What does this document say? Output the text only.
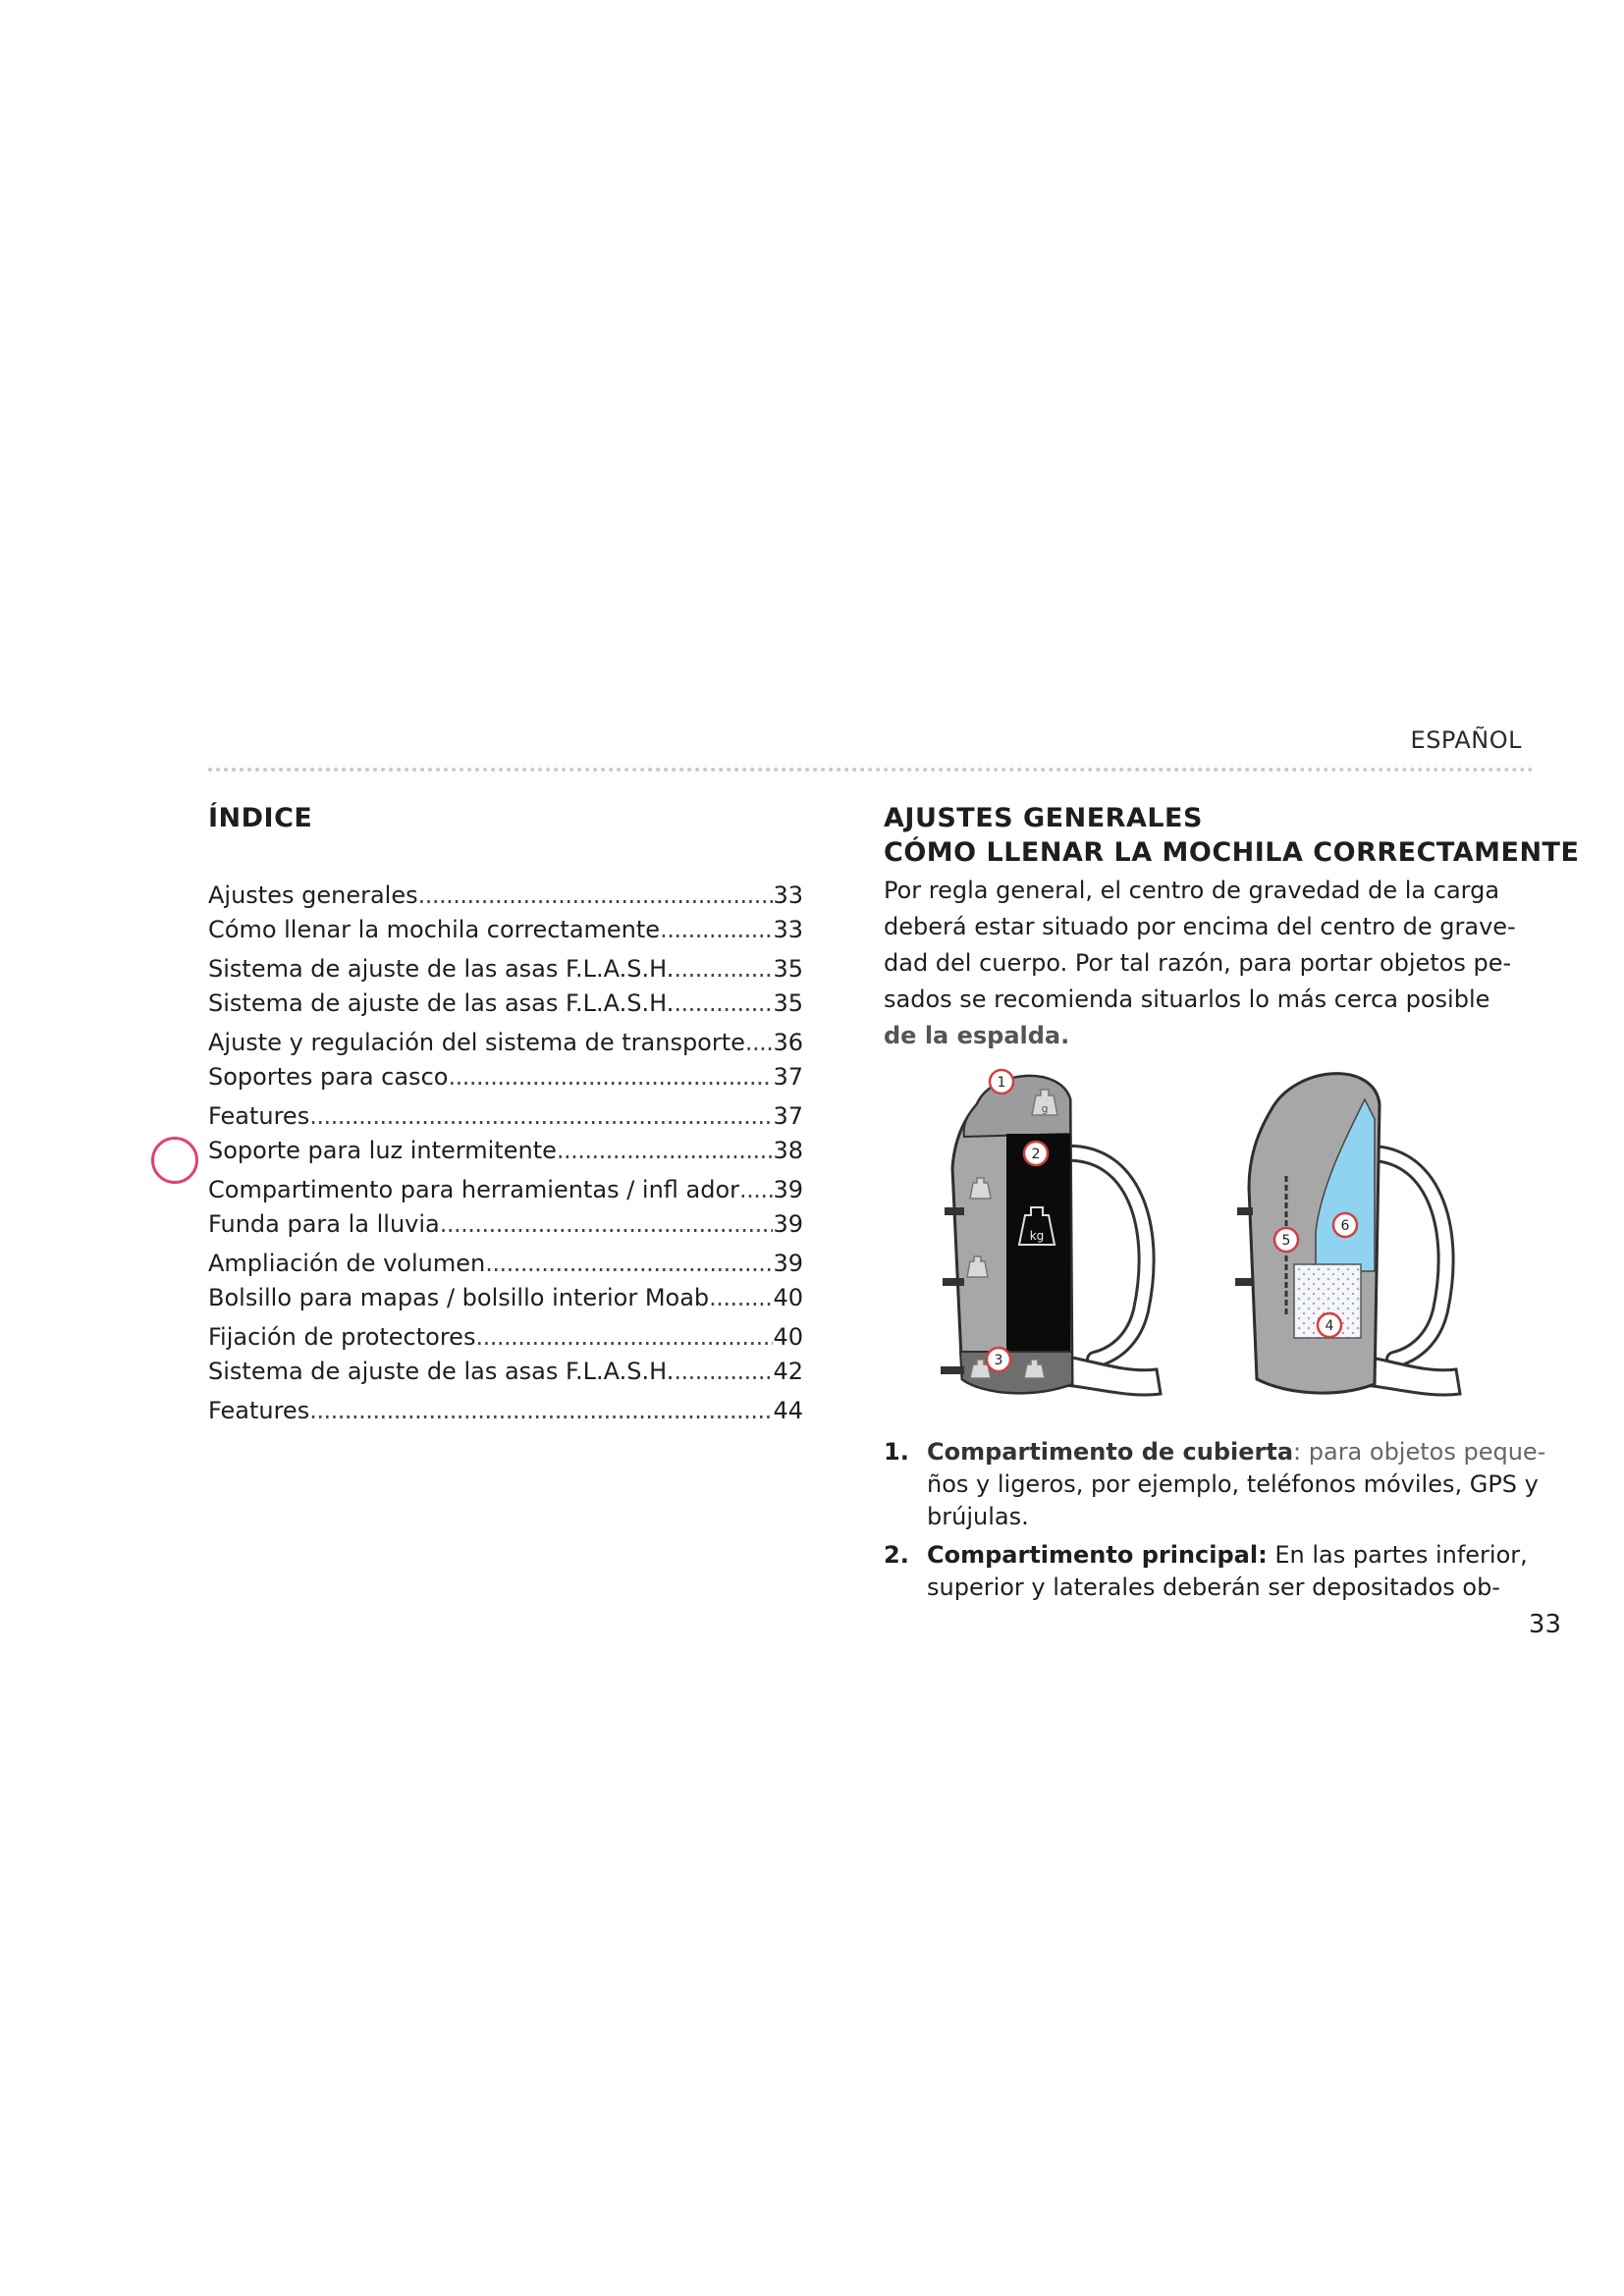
ESPAÑOL
ÍNDICE
Ajustes generales .....	33
Cómo llenar la mochila correctamente .....	33
Sistema de ajuste de las asas F.L.A.S.H. .....	35
Sistema de ajuste de las asas F.L.A.S.H. .....	35
Ajuste y regulación del sistema de transporte ..... 36
Soportes para casco .....	37
Features .....	37
Soporte para luz intermitente .....	38
Compartimento para herramientas / infl ador ..... 39
Funda para la lluvia .....	39
Ampliación de volumen .....	39
Bolsillo para mapas / bolsillo interior Moab .....	40
Fijación de protectores .....	40
Sistema de ajuste de las asas F.L.A.S.H. .....	42
Features .....	44
AJUSTES GENERALES
CÓMO LLENAR LA MOCHILA CORRECTAMENTE
Por regla general, el centro de gravedad de la carga
deberá estar situado por encima del centro de grave-
dad del cuerpo. Por tal razón, para portar objetos pe-
sados se recomienda situarlos lo más cerca posible
de la espalda.
g
kg
1
2
3
4
5
6
1. Compartimento de cubierta: para objetos peque-
ños y ligeros, por ejemplo, teléfonos móviles, GPS y
brújulas.
2. Compartimento principal: En las partes inferior,
superior y laterales deberán ser depositados ob-
33
